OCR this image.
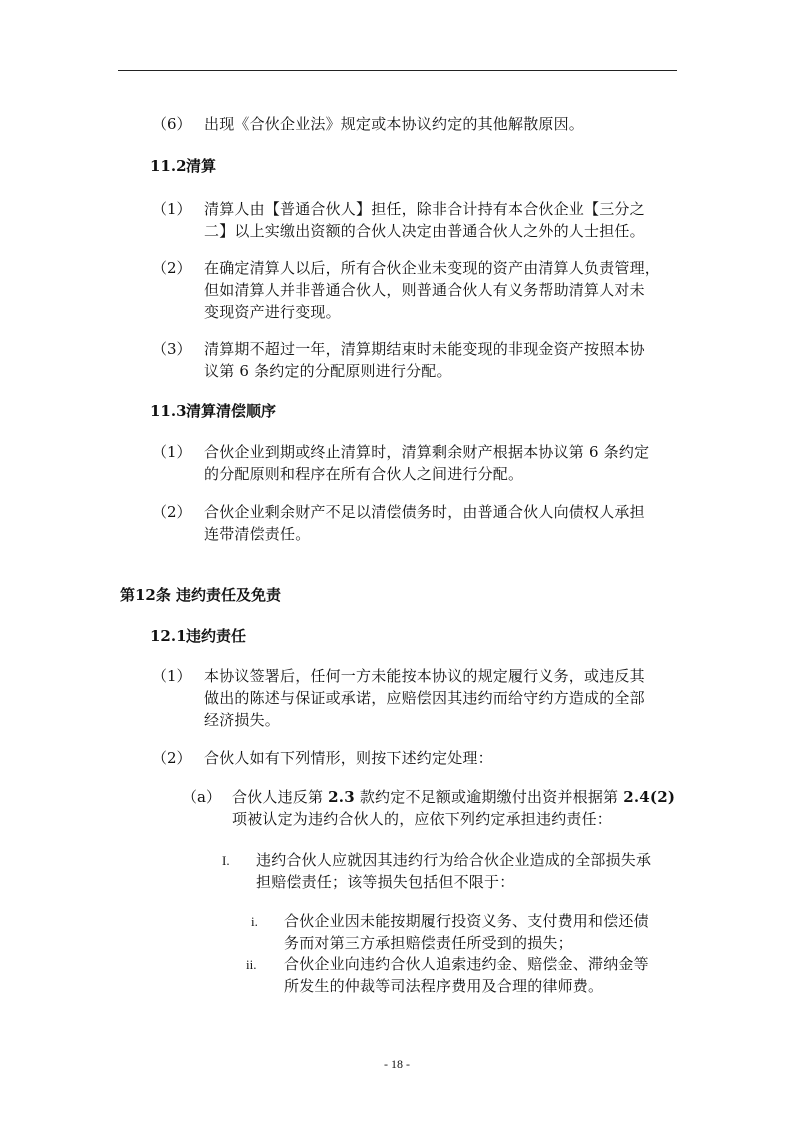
（6） 出现《合伙企业法》规定或本协议约定的其他解散原因。
11.2 清算
（1） 清算人由【普通合伙人】担任，除非合计持有本合伙企业【三分之
二】以上实缴出资额的合伙人决定由普通合伙人之外的人士担任。
（2） 在确定清算人以后，所有合伙企业未变现的资产由清算人负责管理，
但如清算人并非普通合伙人，则普通合伙人有义务帮助清算人对未
变现资产进行变现。
（3） 清算期不超过一年，清算期结束时未能变现的非现金资产按照本协
议第 6 条约定的分配原则进行分配。
11.3 清算清偿顺序
（1） 合伙企业到期或终止清算时，清算剩余财产根据本协议第 6 条约定
的分配原则和程序在所有合伙人之间进行分配。
（2） 合伙企业剩余财产不足以清偿债务时，由普通合伙人向债权人承担
连带清偿责任。
第12条 违约责任及免责
12.1 违约责任
（1） 本协议签署后，任何一方未能按本协议的规定履行义务，或违反其
做出的陈述与保证或承诺，应赔偿因其违约而给守约方造成的全部
经济损失。
（2） 合伙人如有下列情形，则按下述约定处理：
（a） 合伙人违反第 2.3 款约定不足额或逾期缴付出资并根据第 2.4(2)
项被认定为违约合伙人的，应依下列约定承担违约责任：
I. 违约合伙人应就因其违约行为给合伙企业造成的全部损失承
担赔偿责任；该等损失包括但不限于：
i. 合伙企业因未能按期履行投资义务、支付费用和偿还债
务而对第三方承担赔偿责任所受到的损失；
ii. 合伙企业向违约合伙人追索违约金、赔偿金、滞纳金等
所发生的仲裁等司法程序费用及合理的律师费。
- 18 -
